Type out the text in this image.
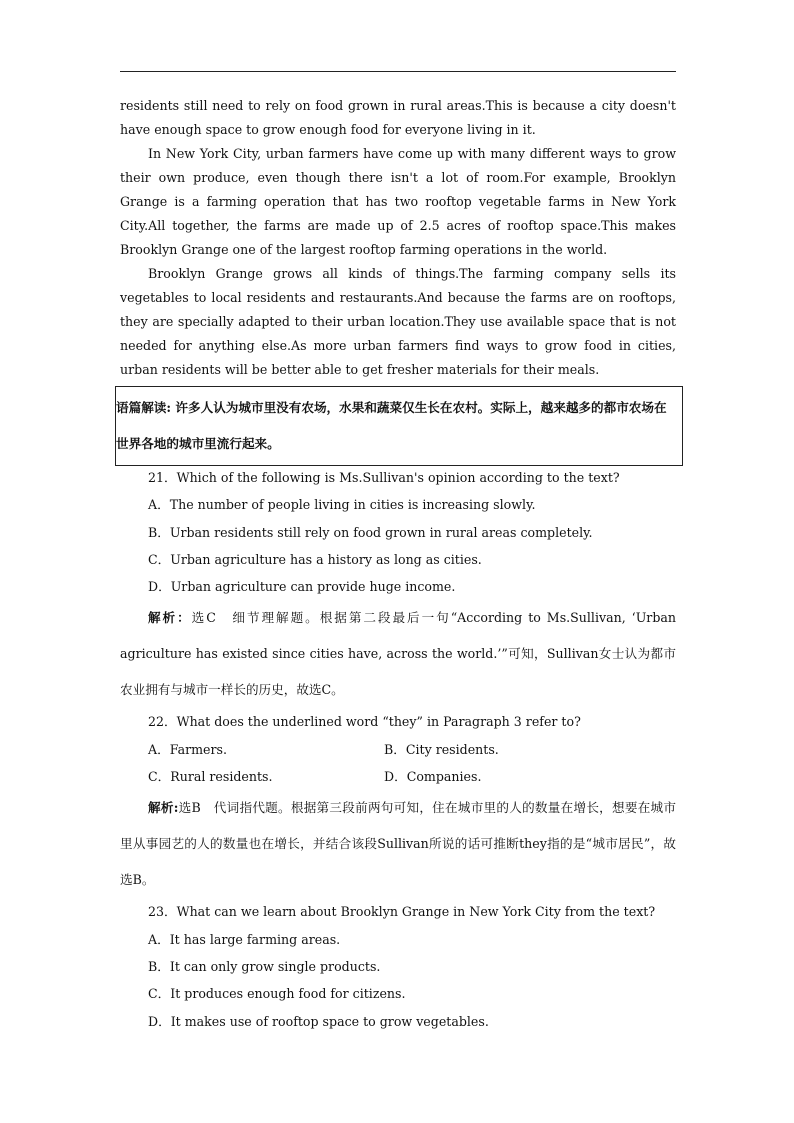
residents still need to rely on food grown in rural areas.This is because a city doesn't have enough space to grow enough food for everyone living in it.

In New York City, urban farmers have come up with many different ways to grow their own produce, even though there isn't a lot of room.For example, Brooklyn Grange is a farming operation that has two rooftop vegetable farms in New York City.All together, the farms are made up of 2.5 acres of rooftop space.This makes Brooklyn Grange one of the largest rooftop farming operations in the world.

Brooklyn Grange grows all kinds of things.The farming company sells its vegetables to local residents and restaurants.And because the farms are on rooftops, they are specially adapted to their urban location.They use available space that is not needed for anything else.As more urban farmers find ways to grow food in cities, urban residents will be better able to get fresher materials for their meals.

语篇解读: 许多人认为城市里没有农场，水果和蔬菜仅生长在农村。实际上，越来越多的都市农场在世界各地的城市里流行起来。
21．Which of the following is Ms.Sullivan's opinion according to the text?
A．The number of people living in cities is increasing slowly.
B．Urban residents still rely on food grown in rural areas completely.
C．Urban agriculture has a history as long as cities.
D．Urban agriculture can provide huge income.

解析：选C　细节理解题。根据第二段最后一句“According to Ms.Sullivan, ‘Urban agriculture has existed since cities have, across the world.’”可知，Sullivan女士认为都市农业拥有与城市一样长的历史，故选C。

22．What does the underlined word “they” in Paragraph 3 refer to?
A．Farmers.	B．City residents.
C．Rural residents.	D．Companies.

解析:选B　代词指代题。根据第三段前两句可知，住在城市里的人的数量在增长，想要在城市里从事园艺的人的数量也在增长，并结合该段Sullivan所说的话可推断they指的是“城市居民”，故选B。

23．What can we learn about Brooklyn Grange in New York City from the text?
A．It has large farming areas.
B．It can only grow single products.
C．It produces enough food for citizens.
D．It makes use of rooftop space to grow vegetables.
